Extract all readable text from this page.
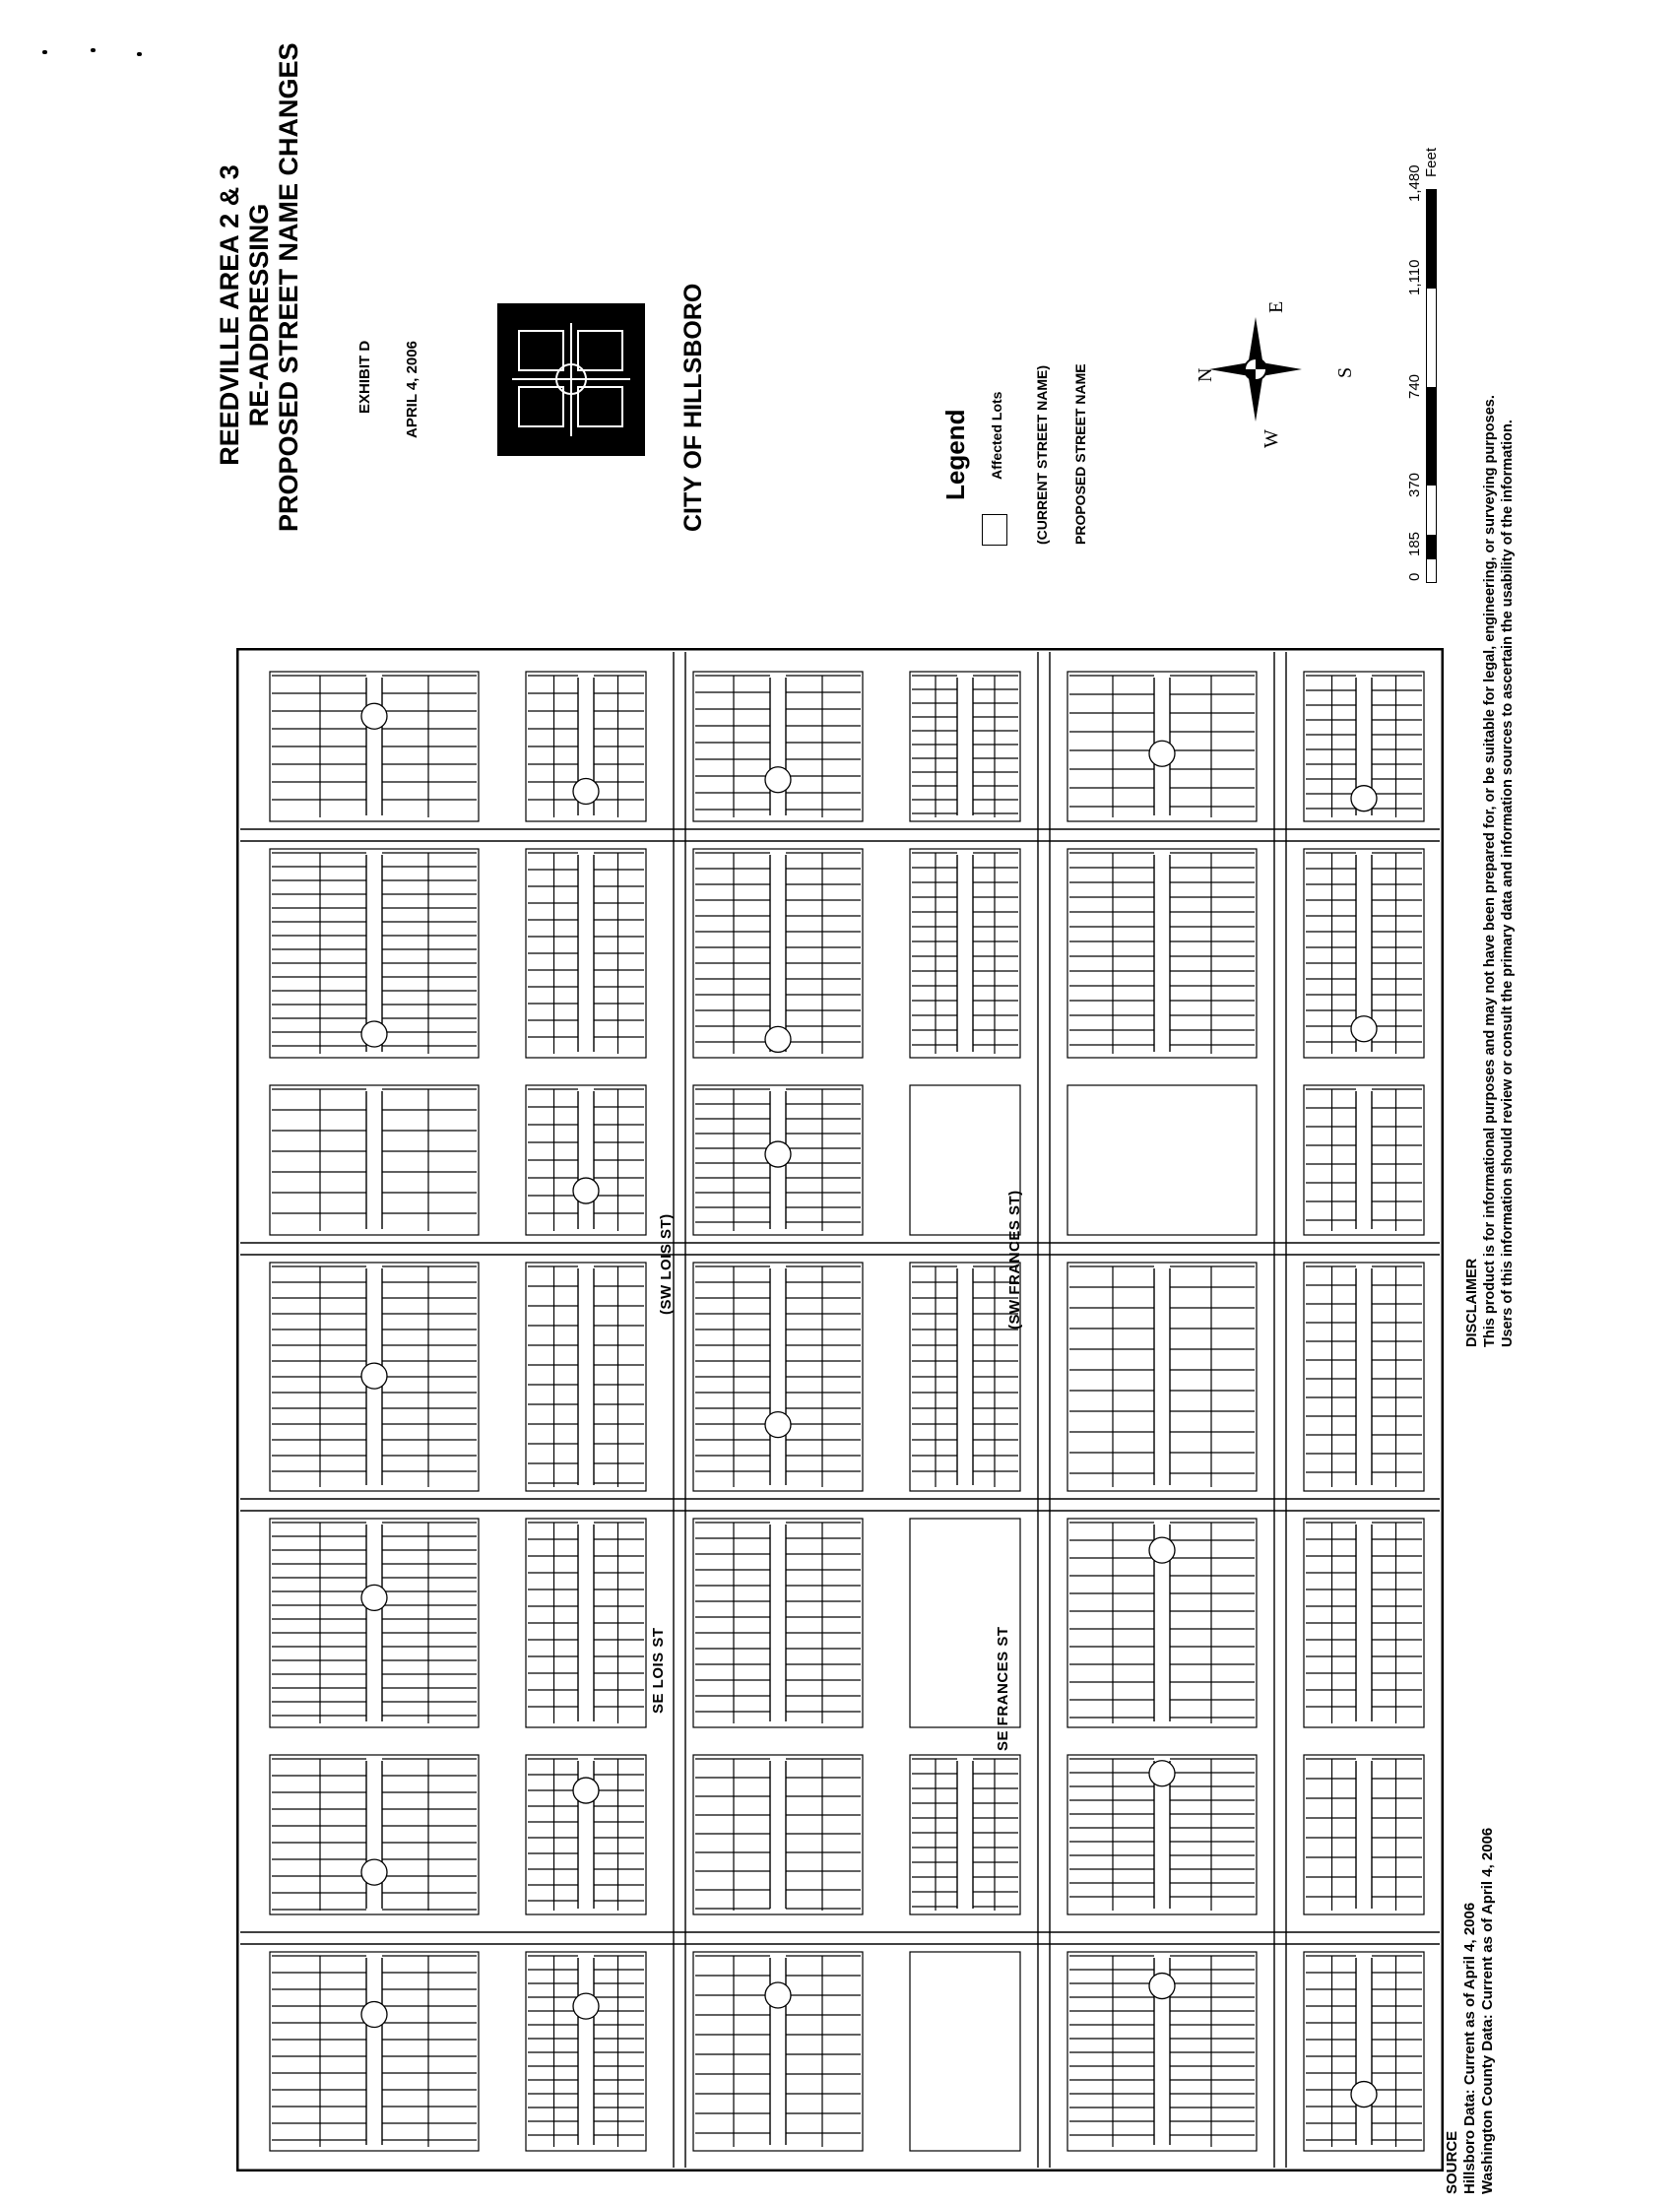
REEDVILLE AREA 2 & 3 RE-ADDRESSING PROPOSED STREET NAME CHANGES	EXHIBIT D APRIL 4, 2006	CITY OF HILLSBORO	Legend Affected Lots (CURRENT STREET NAME) PROPOSED STREET NAME	N
E
S
W
0
185
370
740
1,110
1,480
Feet
DISCLAIMER This product is for informational purposes and may not have been prepared for, or be suitable for legal, engineering, or surveying purposes. Users of this information should review or consult the primary data and information sources to ascertain the usability of the information.
SOURCE Hillsboro Data: Current as of April 4, 2006 Washington County Data: Current as of April 4, 2006
(SW LOIS ST)	(SW FRANCES ST)
SE LOIS ST	SE FRANCES ST
